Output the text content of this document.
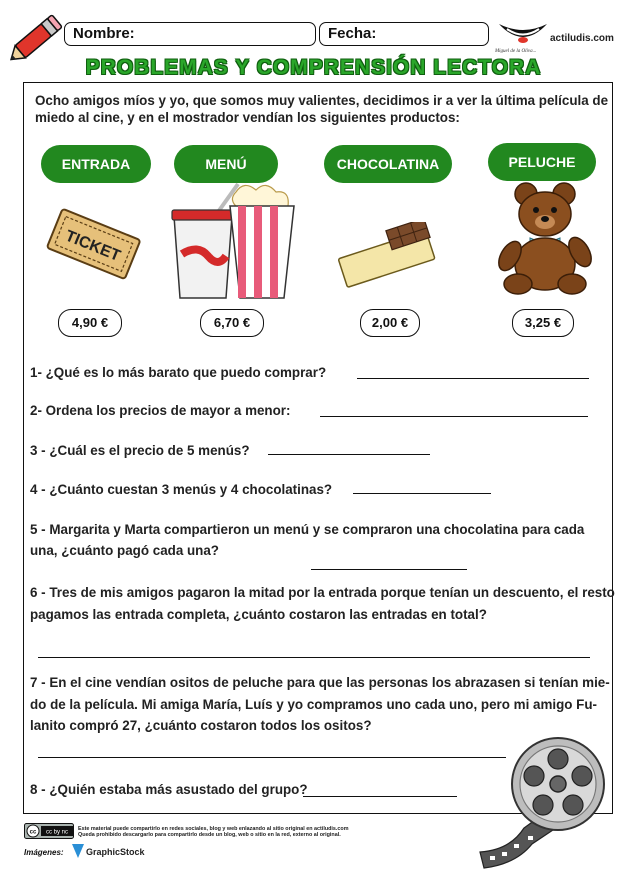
Nombre:	Fecha:
Miguel de la Oliva...
actiludis.com
PROBLEMAS Y COMPRENSIÓN LECTORA
Ocho amigos míos y yo, que somos muy valientes, decidimos ir a ver la última película de
miedo al cine, y en el mostrador vendían los siguientes productos:
ENTRADA	MENÚ	CHOCOLATINA	PELUCHE
TICKET
4,90 €	6,70 €	2,00 €	3,25 €
1- ¿Qué es lo más barato que puedo comprar?
2- Ordena los precios de mayor a menor:
3 - ¿Cuál es el precio de 5 menús?
4 - ¿Cuánto cuestan 3 menús y 4 chocolatinas?
5 - Margarita y Marta compartieron un menú y se compraron una chocolatina para cada
una, ¿cuánto pagó cada una?
6 - Tres de mis amigos pagaron la mitad por la entrada porque tenían un descuento, el resto
pagamos las entrada completa, ¿cuánto costaron las entradas en total?
7 - En el cine vendían ositos de peluche para que las personas los abrazasen si tenían mie-
do de la película. Mi amiga María, Luís y yo compramos uno cada uno, pero mi amigo Fu-
lanito compró 27, ¿cuánto costaron todos los ositos?
8 - ¿Quién estaba más asustado del grupo?
cc cc by nc
Este material puede compartirlo en redes sociales, blog y web enlazando al sitio original en actiludis.com
Queda prohibido descargarlo para compartirlo desde un blog, web o sitio en la red, externo al original.
Imágenes: GraphicStock
